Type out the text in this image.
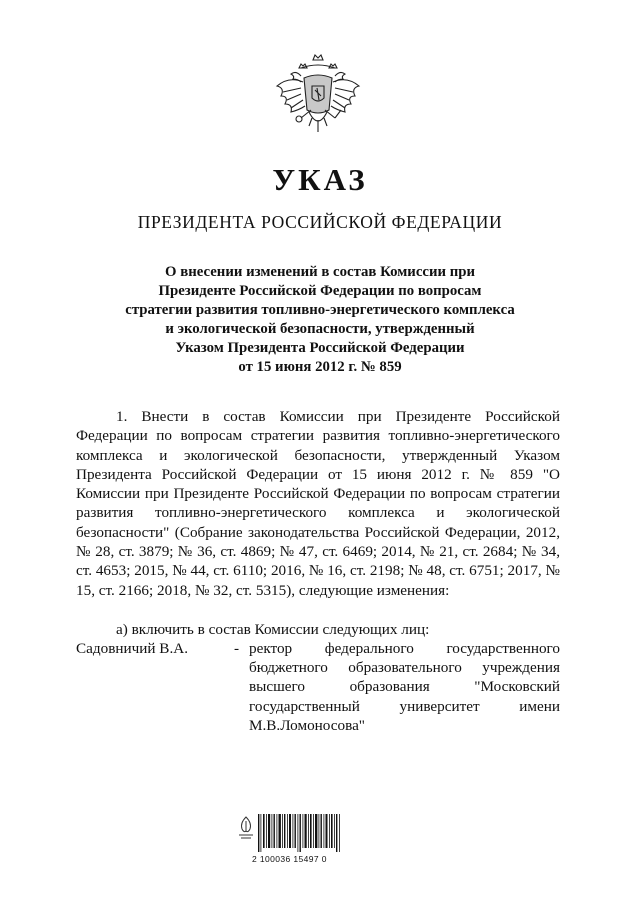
УКАЗ
ПРЕЗИДЕНТА РОССИЙСКОЙ ФЕДЕРАЦИИ
О внесении изменений в состав Комиссии при
Президенте Российской Федерации по вопросам
стратегии развития топливно-энергетического комплекса
и экологической безопасности, утвержденный
Указом Президента Российской Федерации
от 15 июня 2012 г. № 859
1. Внести в состав Комиссии при Президенте Российской Федерации по вопросам стратегии развития топливно-энергетического комплекса и экологической безопасности, утвержденный Указом Президента Российской Федерации от 15 июня 2012 г. № 859 "О Комиссии при Президенте Российской Федерации по вопросам стратегии развития топливно-энергетического комплекса и экологической безопасности" (Собрание законодательства Российской Федерации, 2012, № 28, ст. 3879; № 36, ст. 4869; № 47, ст. 6469; 2014, № 21, ст. 2684; № 34, ст. 4653; 2015, № 44, ст. 6110; 2016, № 16, ст. 2198; № 48, ст. 6751; 2017, № 15, ст. 2166; 2018, № 32, ст. 5315), следующие изменения:
а) включить в состав Комиссии следующих лиц:
Садовничий В.А.	- ректор федерального государственного бюджетного образовательного учреждения высшего образования "Московский государственный университет имени М.В.Ломоносова"
2 100036 15497 0
